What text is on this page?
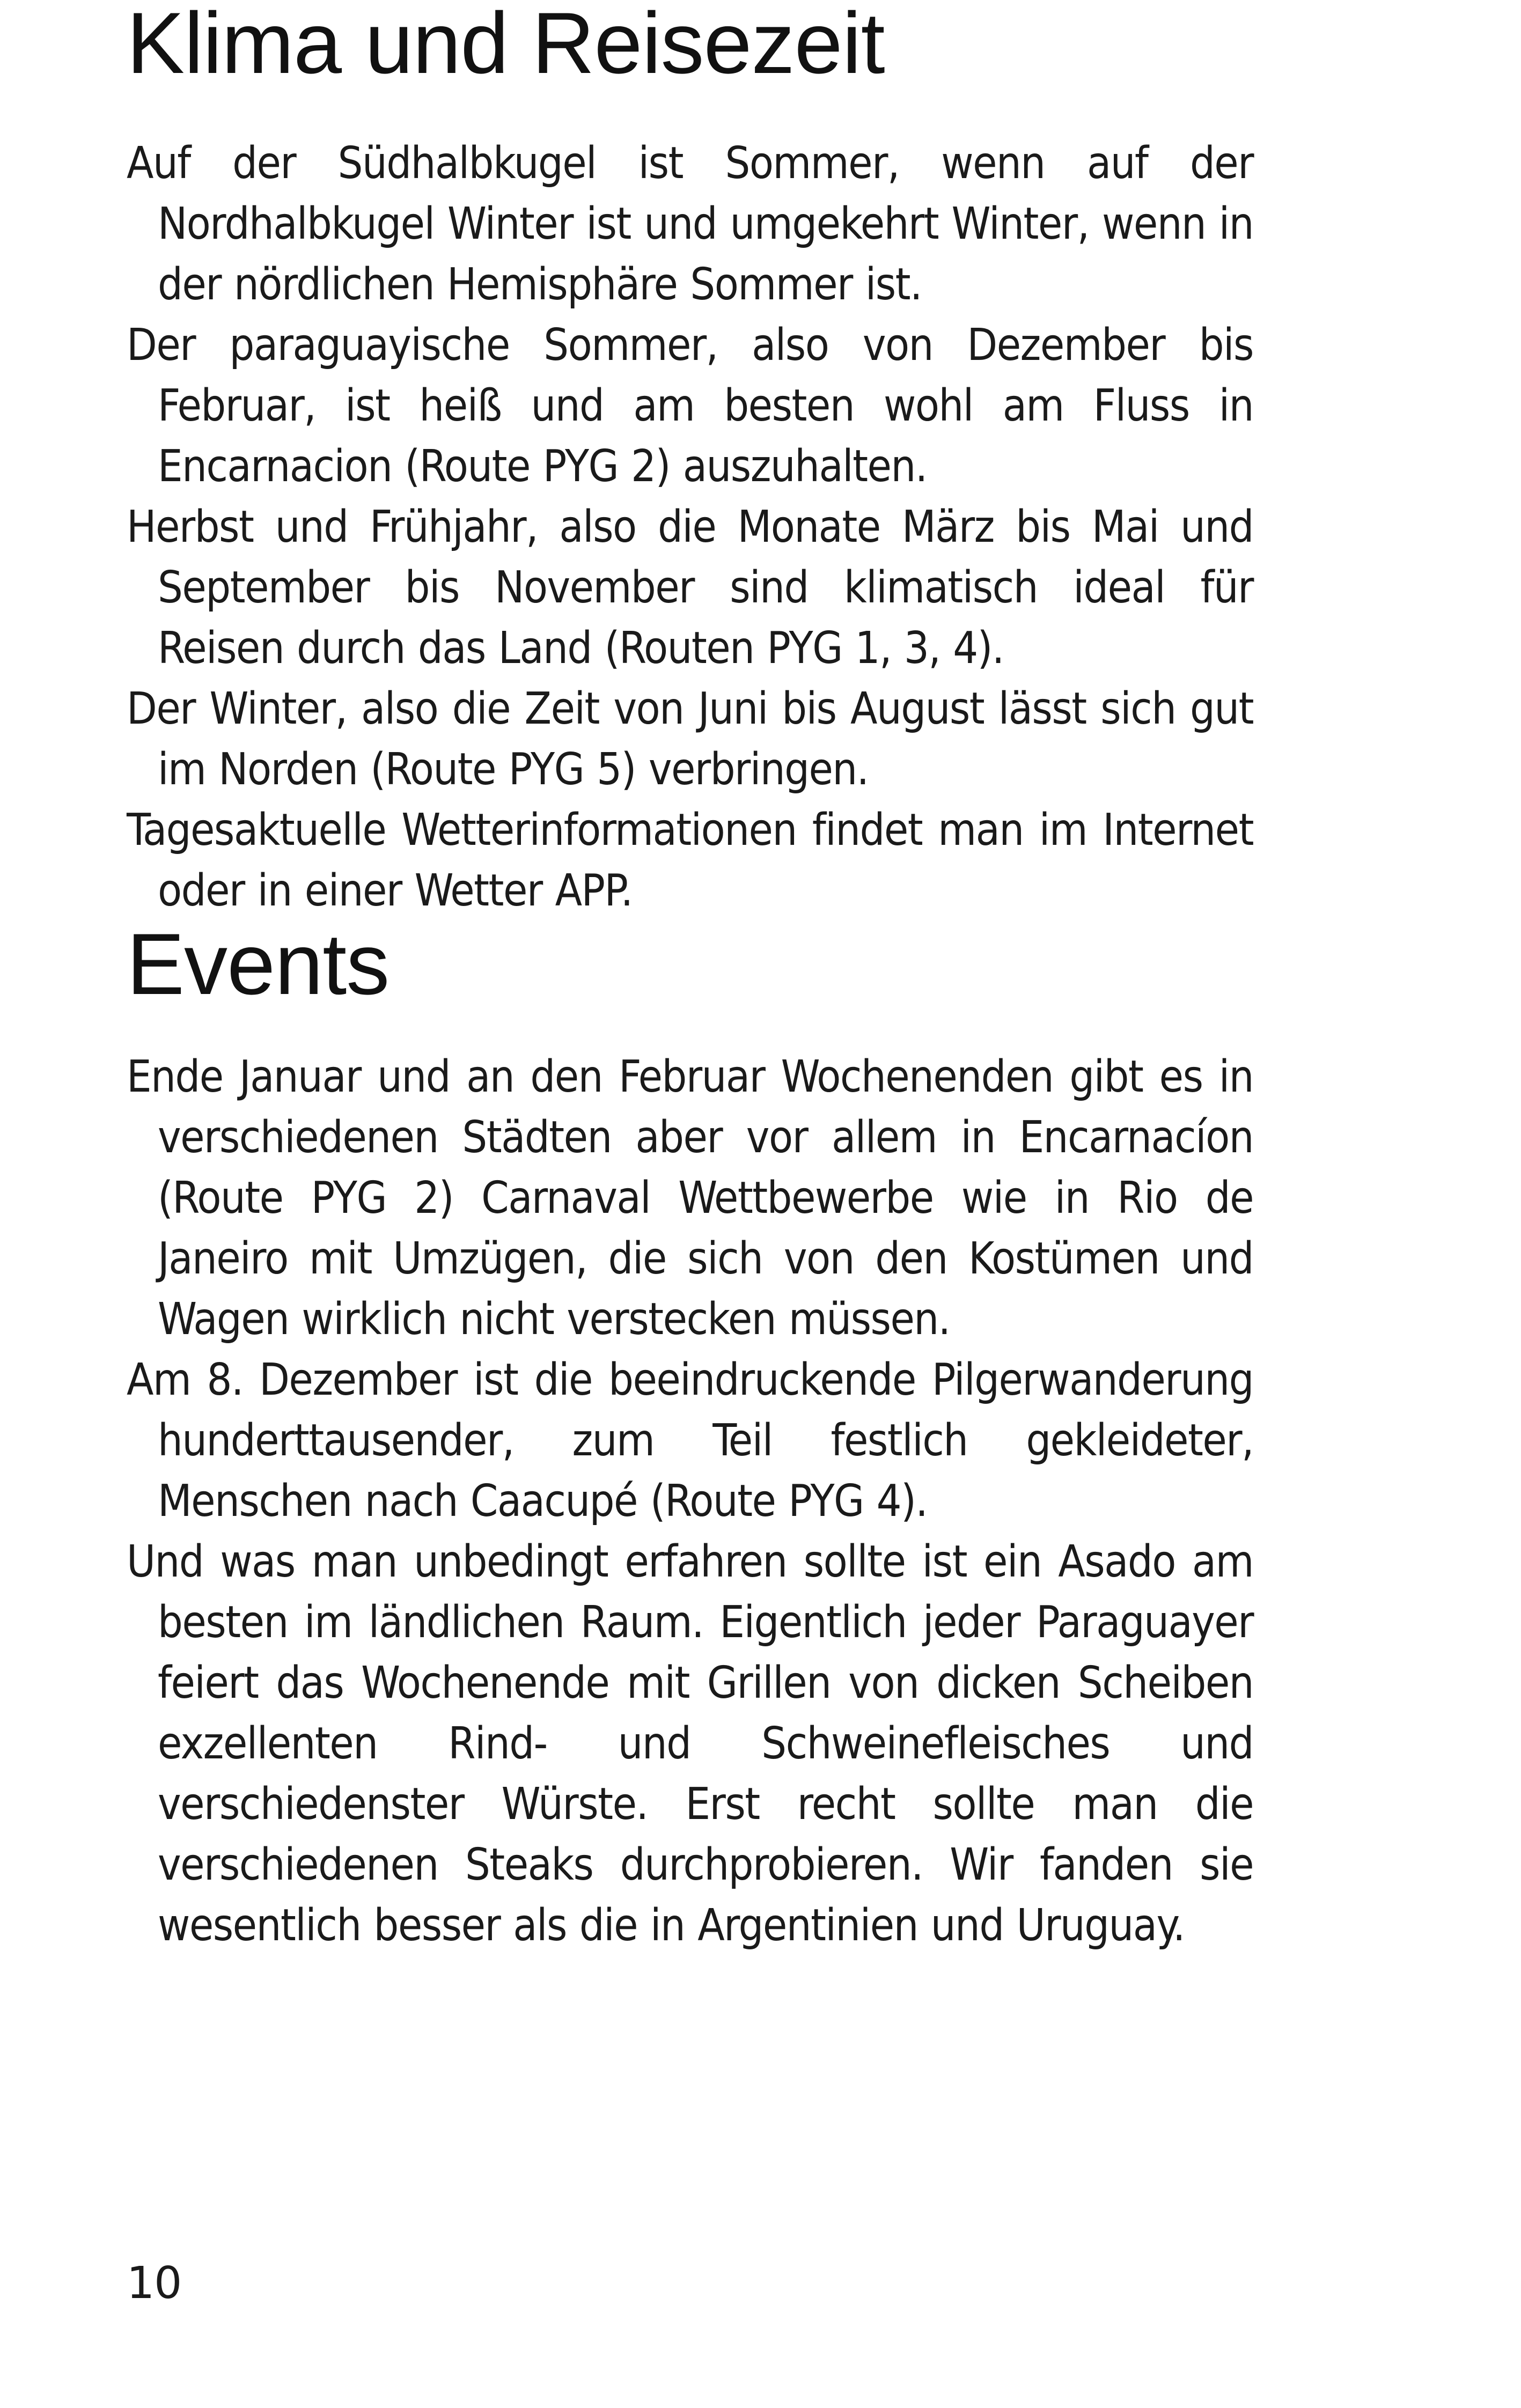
Klima und Reisezeit

Auf der Südhalbkugel ist Sommer, wenn auf der Nordhalbkugel Winter ist und umgekehrt Winter, wenn in der nördlichen Hemisphäre Sommer ist.

Der paraguayische Sommer, also von Dezember bis Februar, ist heiß und am besten wohl am Fluss in Encarnacion (Route PYG 2) auszuhalten.

Herbst und Frühjahr, also die Monate März bis Mai und September bis November sind klimatisch ideal für Reisen durch das Land (Routen PYG 1, 3, 4).

Der Winter, also die Zeit von Juni bis August lässt sich gut im Norden (Route PYG 5) verbringen.

Tagesaktuelle Wetterinformationen findet man im Internet oder in einer Wetter APP.

Events

Ende Januar und an den Februar Wochenenden gibt es in verschiedenen Städten aber vor allem in Encarnacíon (Route PYG 2) Carnaval Wettbewerbe wie in Rio de Janeiro mit Umzügen, die sich von den Kostümen und Wagen wirklich nicht verstecken müssen.

Am 8. Dezember ist die beeindruckende Pilgerwanderung hunderttausender, zum Teil festlich gekleideter, Menschen nach Caacupé (Route PYG 4).

Und was man unbedingt erfahren sollte ist ein Asado am besten im ländlichen Raum. Eigentlich jeder Paraguayer feiert das Wochenende mit Grillen von dicken Scheiben exzellenten Rind- und Schweinefleisches und verschiedenster Würste. Erst recht sollte man die verschiedenen Steaks durchprobieren. Wir fanden sie wesentlich besser als die in Argentinien und Uruguay.

10
